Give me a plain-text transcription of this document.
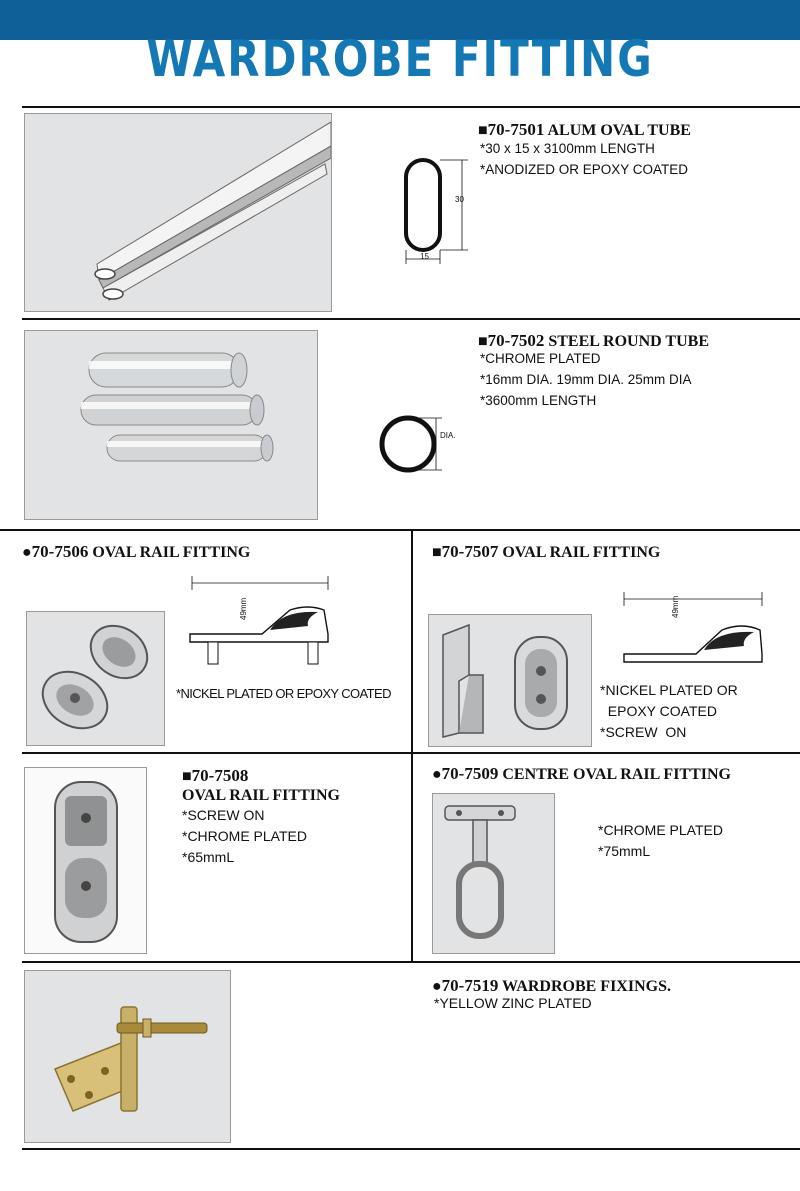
WARDROBE FITTING
30
15
■70-7501 ALUM OVAL TUBE
*30 x 15 x 3100mm LENGTH
*ANODIZED OR EPOXY COATED
DIA.
■70-7502 STEEL ROUND TUBE
*CHROME PLATED
*16mm DIA. 19mm DIA. 25mm DIA
*3600mm LENGTH
●70-7506 OVAL RAIL FITTING
49mm
*NICKEL PLATED OR EPOXY COATED
■70-7507 OVAL RAIL FITTING
49mm
*NICKEL PLATED OR
EPOXY COATED
*SCREW  ON
■70-7508
OVAL RAIL FITTING
*SCREW ON
*CHROME PLATED
*65mmL
●70-7509 CENTRE OVAL RAIL FITTING
*CHROME PLATED
*75mmL
●70-7519 WARDROBE FIXINGS.
*YELLOW ZINC PLATED
